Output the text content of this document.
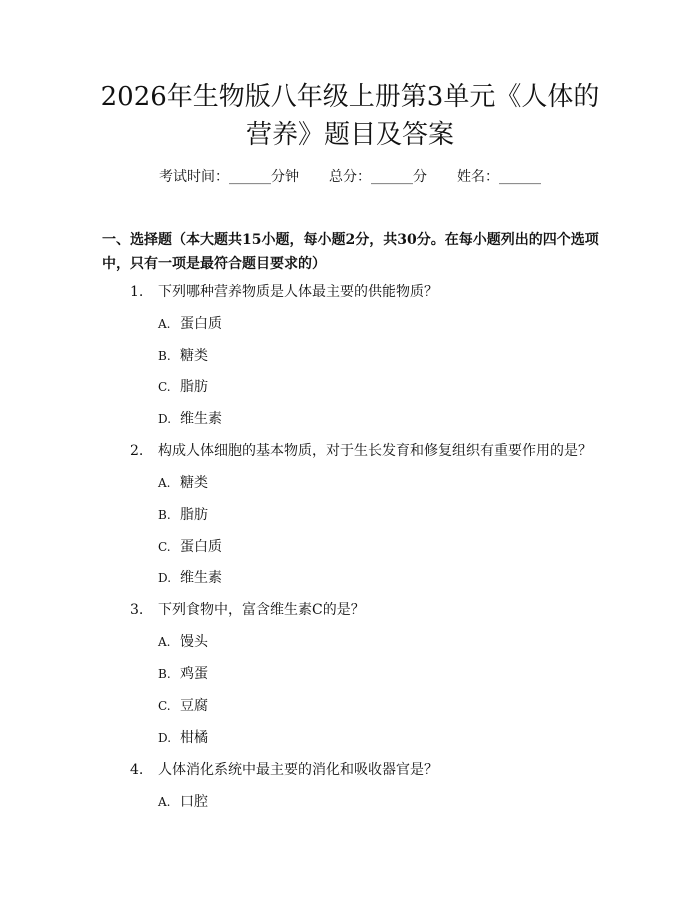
2026年生物版八年级上册第3单元《人体的
营养》题目及答案
考试时间：______分钟 总分：______分 姓名：______
一、选择题（本大题共15小题，每小题2分，共30分。在每小题列出的四个选项中，只有一项是最符合题目要求的）
1. 下列哪种营养物质是人体最主要的供能物质？
A. 蛋白质
B. 糖类
C. 脂肪
D. 维生素
2. 构成人体细胞的基本物质，对于生长发育和修复组织有重要作用的是？
A. 糖类
B. 脂肪
C. 蛋白质
D. 维生素
3. 下列食物中，富含维生素C的是？
A. 馒头
B. 鸡蛋
C. 豆腐
D. 柑橘
4. 人体消化系统中最主要的消化和吸收器官是？
A. 口腔
